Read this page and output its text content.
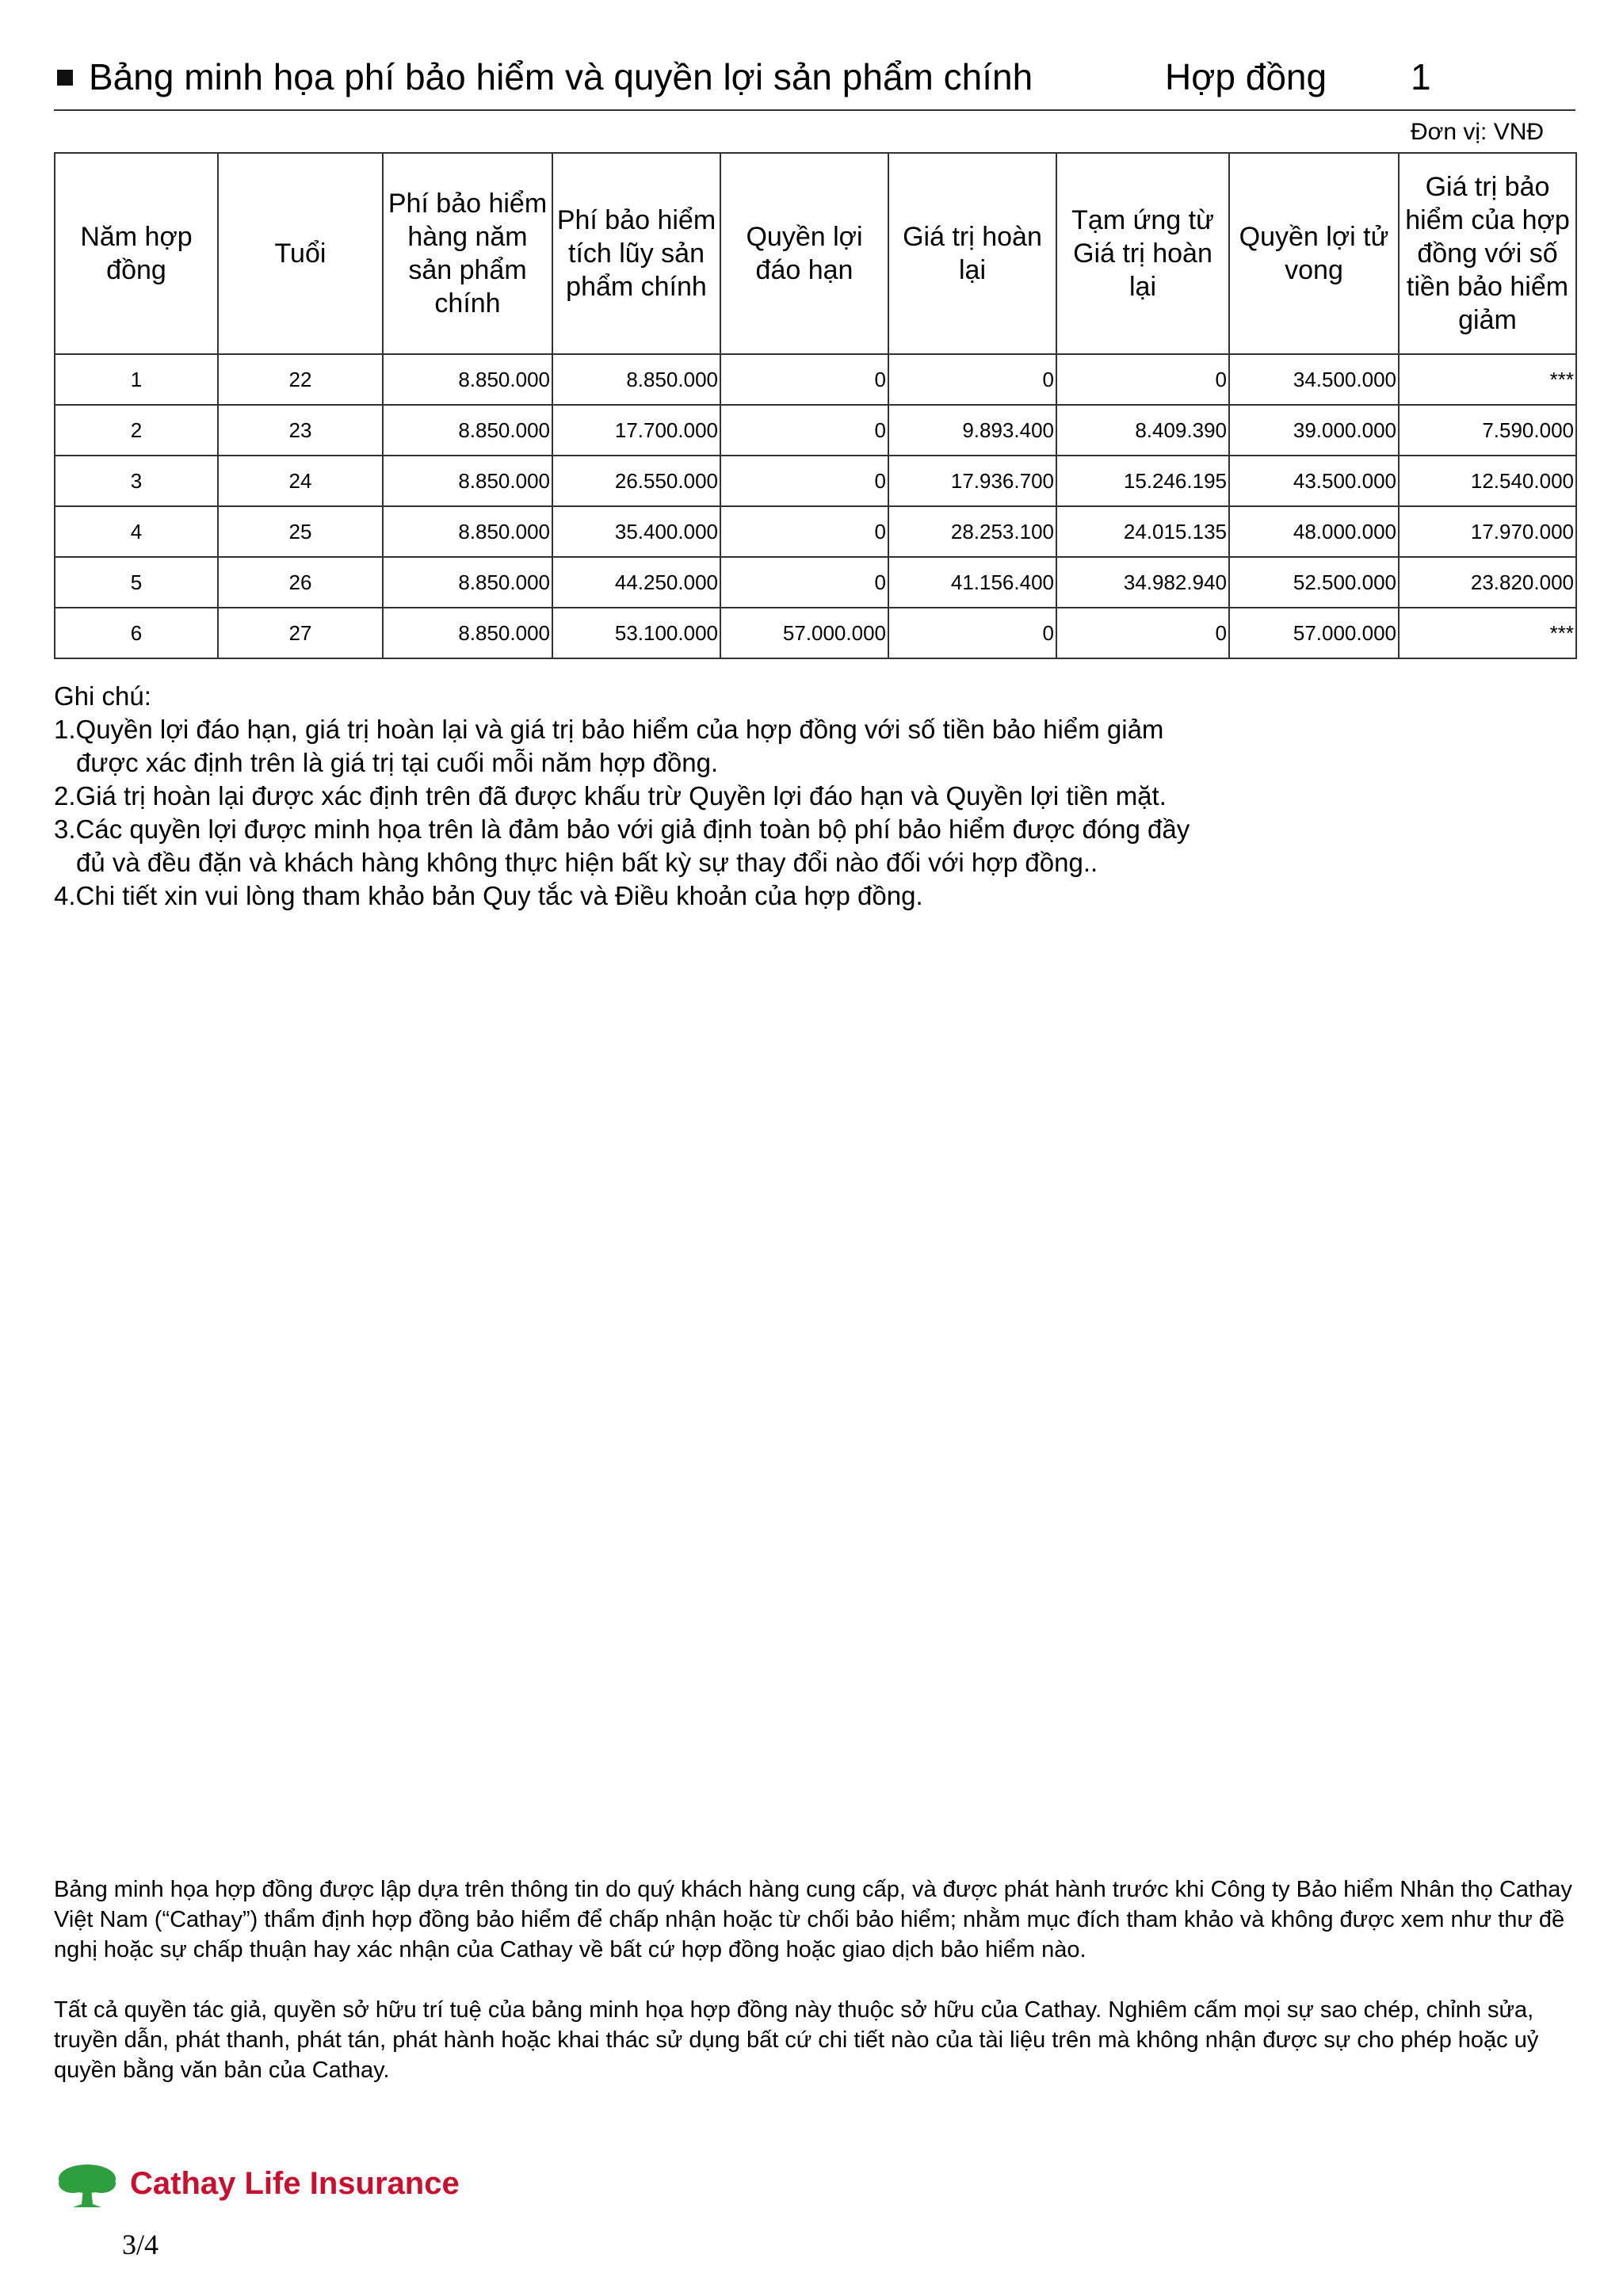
Bảng minh họa phí bảo hiểm và quyền lợi sản phẩm chính	Hợp đồng 1
Đơn vị: VNĐ
Năm hợp đồng	Tuổi	Phí bảo hiểm hàng năm sản phẩm chính	Phí bảo hiểm tích lũy sản phẩm chính	Quyền lợi đáo hạn	Giá trị hoàn lại	Tạm ứng từ Giá trị hoàn lại	Quyền lợi tử vong	Giá trị bảo hiểm của hợp đồng với số tiền bảo hiểm giảm
1	22	8.850.000	8.850.000	0	0	0	34.500.000	***
2	23	8.850.000	17.700.000	0	9.893.400	8.409.390	39.000.000	7.590.000
3	24	8.850.000	26.550.000	0	17.936.700	15.246.195	43.500.000	12.540.000
4	25	8.850.000	35.400.000	0	28.253.100	24.015.135	48.000.000	17.970.000
5	26	8.850.000	44.250.000	0	41.156.400	34.982.940	52.500.000	23.820.000
6	27	8.850.000	53.100.000	57.000.000	0	0	57.000.000	***
Ghi chú:
1.Quyền lợi đáo hạn, giá trị hoàn lại và giá trị bảo hiểm của hợp đồng với số tiền bảo hiểm giảm
được xác định trên là giá trị tại cuối mỗi năm hợp đồng.
2.Giá trị hoàn lại được xác định trên đã được khấu trừ Quyền lợi đáo hạn và Quyền lợi tiền mặt.
3.Các quyền lợi được minh họa trên là đảm bảo với giả định toàn bộ phí bảo hiểm được đóng đầy
đủ và đều đặn và khách hàng không thực hiện bất kỳ sự thay đổi nào đối với hợp đồng..
4.Chi tiết xin vui lòng tham khảo bản Quy tắc và Điều khoản của hợp đồng.

Bảng minh họa hợp đồng được lập dựa trên thông tin do quý khách hàng cung cấp, và được phát hành trước khi Công ty Bảo hiểm Nhân thọ Cathay Việt Nam (“Cathay”) thẩm định hợp đồng bảo hiểm để chấp nhận hoặc từ chối bảo hiểm; nhằm mục đích tham khảo và không được xem như thư đề nghị hoặc sự chấp thuận hay xác nhận của Cathay về bất cứ hợp đồng hoặc giao dịch bảo hiểm nào.

Tất cả quyền tác giả, quyền sở hữu trí tuệ của bảng minh họa hợp đồng này thuộc sở hữu của Cathay. Nghiêm cấm mọi sự sao chép, chỉnh sửa, truyền dẫn, phát thanh, phát tán, phát hành hoặc khai thác sử dụng bất cứ chi tiết nào của tài liệu trên mà không nhận được sự cho phép hoặc uỷ quyền bằng văn bản của Cathay.

Cathay Life Insurance
3/4
